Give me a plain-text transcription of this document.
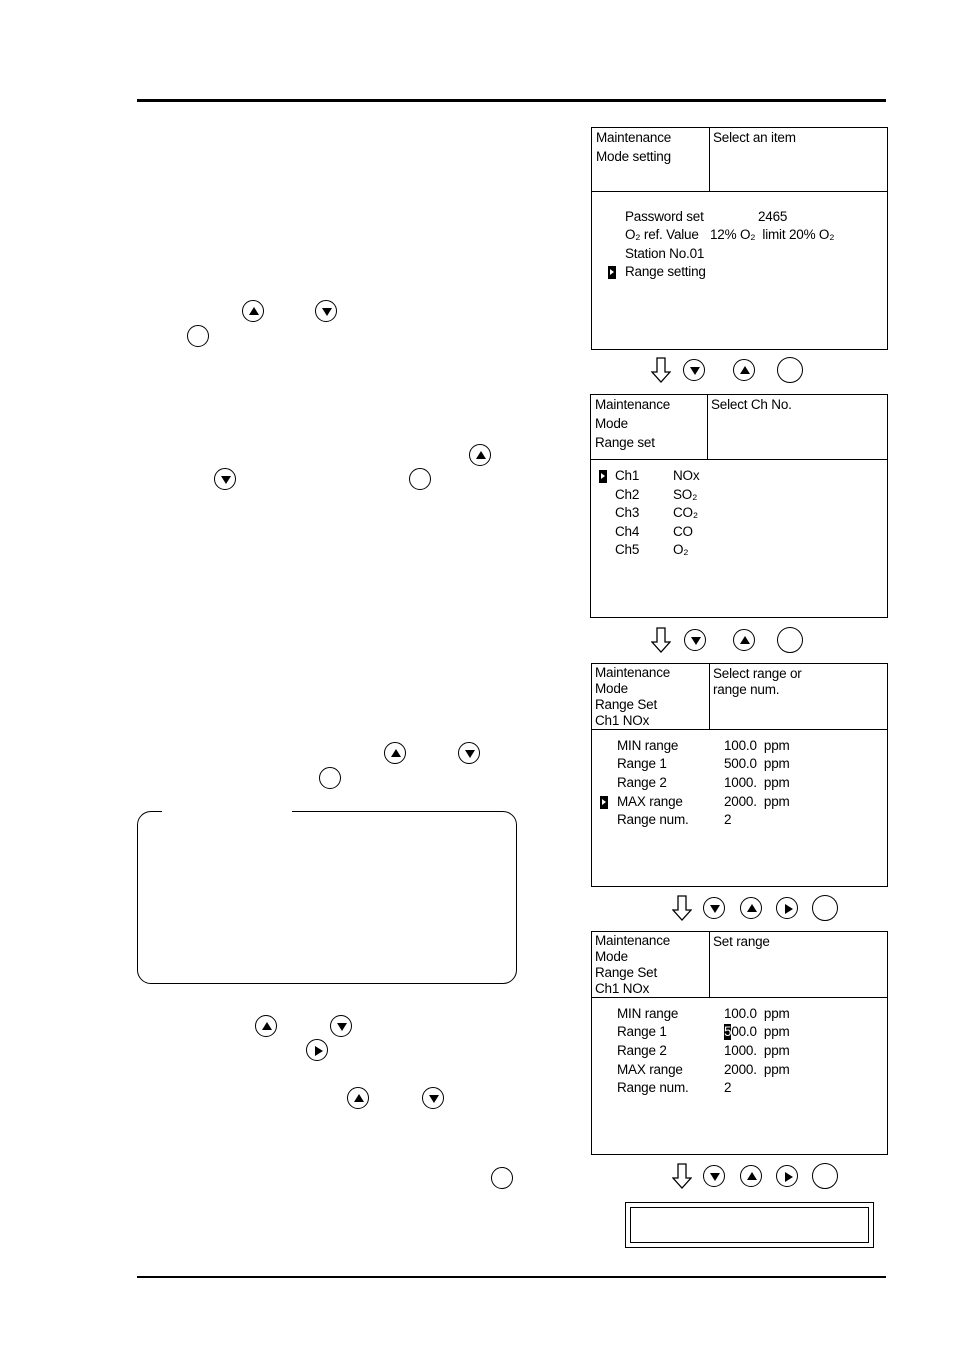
Maintenance
Mode setting
Select an item
Password set	2465
O₂ ref. Value 12% O₂  limit 20% O₂
Station No.01
Range setting
Maintenance
Mode
Range set
Select Ch No.
Ch1	NOx
Ch2	SO₂
Ch3	CO₂
Ch4	CO
Ch5	O₂
Maintenance
Mode
Range Set
Ch1 NOx
Select range or
range num.
MIN range	100.0  ppm
Range 1	500.0  ppm
Range 2	1000.  ppm
MAX range	2000.  ppm
Range num.	2
Maintenance
Mode
Range Set
Ch1 NOx
Set range
MIN range	100.0  ppm
Range 1	500.0  ppm
Range 2	1000.  ppm
MAX range	2000.  ppm
Range num.	2
